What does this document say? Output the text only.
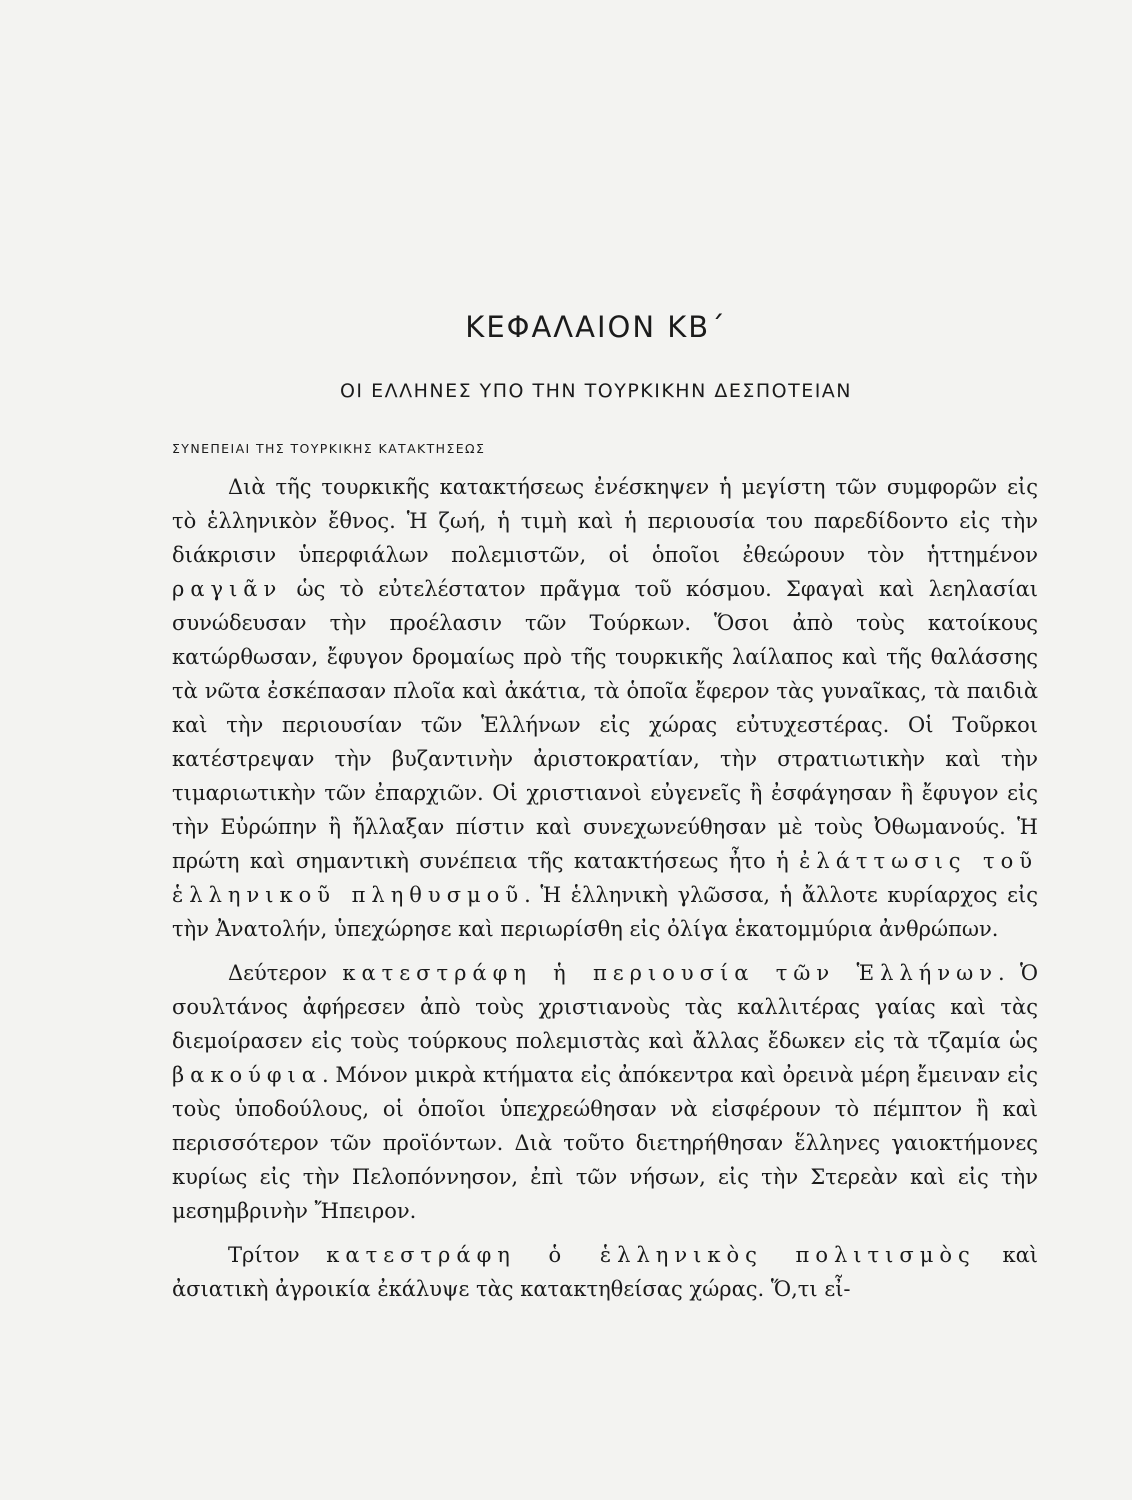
ΚΕΦΑΛΑΙΟΝ ΚΒ΄
ΟΙ ΕΛΛΗΝΕΣ ΥΠΟ ΤΗΝ ΤΟΥΡΚΙΚΗΝ ΔΕΣΠΟΤΕΙΑΝ
ΣΥΝΕΠΕΙΑΙ ΤΗΣ ΤΟΥΡΚΙΚΗΣ ΚΑΤΑΚΤΗΣΕΩΣ

Διὰ τῆς τουρκικῆς κατακτήσεως ἐνέσκηψεν ἡ μεγίστη τῶν συμφορῶν εἰς τὸ ἑλληνικὸν ἔθνος. Ἡ ζωή, ἡ τιμὴ καὶ ἡ περιουσία του παρεδίδοντο εἰς τὴν διάκρισιν ὑπερφιάλων πολεμιστῶν, οἱ ὁποῖοι ἐθεώρουν τὸν ἡττημένον ραγιᾶν ὡς τὸ εὐτελέστατον πρᾶγμα τοῦ κόσμου. Σφαγαὶ καὶ λεηλασίαι συνώδευσαν τὴν προέλασιν τῶν Τούρκων. Ὅσοι ἀπὸ τοὺς κατοίκους κατώρθωσαν, ἔφυγον δρομαίως πρὸ τῆς τουρκικῆς λαίλαπος καὶ τῆς θαλάσσης τὰ νῶτα ἐσκέπασαν πλοῖα καὶ ἀκάτια, τὰ ὁποῖα ἔφερον τὰς γυναῖκας, τὰ παιδιὰ καὶ τὴν περιουσίαν τῶν Ἑλλήνων εἰς χώρας εὐτυχεστέρας. Οἱ Τοῦρκοι κατέστρεψαν τὴν βυζαντινὴν ἀριστοκρατίαν, τὴν στρατιωτικὴν καὶ τὴν τιμαριωτικὴν τῶν ἐπαρχιῶν. Οἱ χριστιανοὶ εὐγενεῖς ἢ ἐσφάγησαν ἢ ἔφυγον εἰς τὴν Εὐρώπην ἢ ἤλλαξαν πίστιν καὶ συνεχωνεύθησαν μὲ τοὺς Ὀθωμανούς. Ἡ πρώτη καὶ σημαντικὴ συνέπεια τῆς κατακτήσεως ἦτο ἡ ἐλάττωσις τοῦ ἑλληνικοῦ πληθυσμοῦ. Ἡ ἑλληνικὴ γλῶσσα, ἡ ἄλλοτε κυρίαρχος εἰς τὴν Ἀνατολήν, ὑπεχώρησε καὶ περιωρίσθη εἰς ὀλίγα ἑκατομμύρια ἀνθρώπων.

Δεύτερον κατεστράφη ἡ περιουσία τῶν Ἑλλήνων. Ὁ σουλτάνος ἀφήρεσεν ἀπὸ τοὺς χριστιανοὺς τὰς καλλιτέρας γαίας καὶ τὰς διεμοίρασεν εἰς τοὺς τούρκους πολεμιστὰς καὶ ἄλλας ἔδωκεν εἰς τὰ τζαμία ὡς βακούφια. Μόνον μικρὰ κτήματα εἰς ἀπόκεντρα καὶ ὀρεινὰ μέρη ἔμειναν εἰς τοὺς ὑποδούλους, οἱ ὁποῖοι ὑπεχρεώθησαν νὰ εἰσφέρουν τὸ πέμπτον ἢ καὶ περισσότερον τῶν προϊόντων. Διὰ τοῦτο διετηρήθησαν ἕλληνες γαιοκτήμονες κυρίως εἰς τὴν Πελοπόννησον, ἐπὶ τῶν νήσων, εἰς τὴν Στερεὰν καὶ εἰς τὴν μεσημβρινὴν Ἤπειρον.

Τρίτον κατεστράφη ὁ ἑλληνικὸς πολιτισμὸς καὶ ἀσιατικὴ ἀγροικία ἐκάλυψε τὰς κατακτηθείσας χώρας. Ὅ,τι εἶ-
